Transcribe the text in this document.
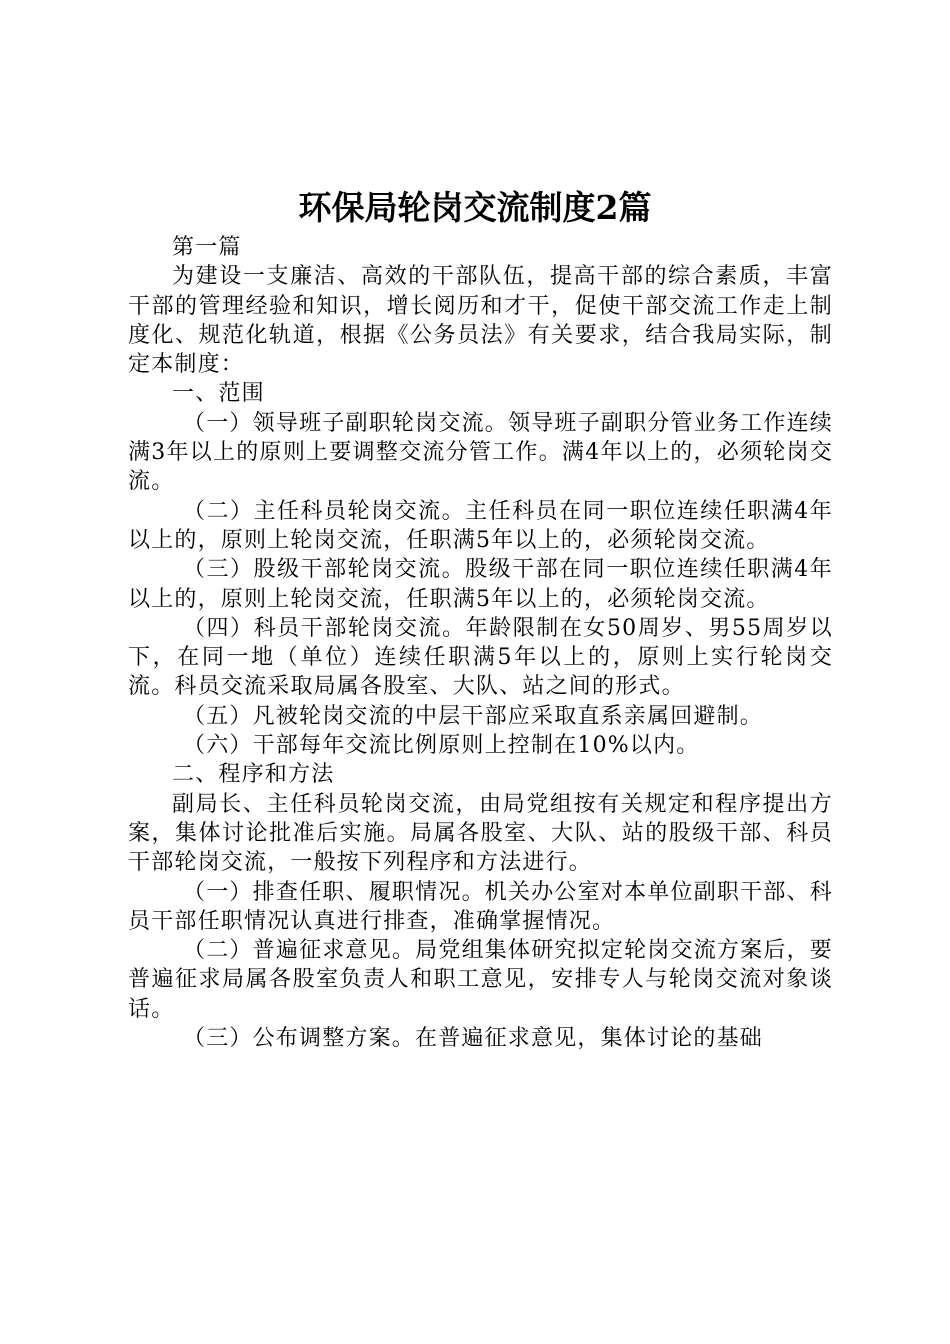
环保局轮岗交流制度2篇

第一篇

为建设一支廉洁、高效的干部队伍，提高干部的综合素质，丰富干部的管理经验和知识，增长阅历和才干，促使干部交流工作走上制度化、规范化轨道，根据《公务员法》有关要求，结合我局实际，制定本制度：

一、范围

（一）领导班子副职轮岗交流。领导班子副职分管业务工作连续满3年以上的原则上要调整交流分管工作。满4年以上的，必须轮岗交流。

（二）主任科员轮岗交流。主任科员在同一职位连续任职满4年以上的，原则上轮岗交流，任职满5年以上的，必须轮岗交流。

（三）股级干部轮岗交流。股级干部在同一职位连续任职满4年以上的，原则上轮岗交流，任职满5年以上的，必须轮岗交流。

（四）科员干部轮岗交流。年龄限制在女50周岁、男55周岁以下，在同一地（单位）连续任职满5年以上的，原则上实行轮岗交流。科员交流采取局属各股室、大队、站之间的形式。

（五）凡被轮岗交流的中层干部应采取直系亲属回避制。

（六）干部每年交流比例原则上控制在10%以内。

二、程序和方法

副局长、主任科员轮岗交流，由局党组按有关规定和程序提出方案，集体讨论批准后实施。局属各股室、大队、站的股级干部、科员干部轮岗交流，一般按下列程序和方法进行。

（一）排查任职、履职情况。机关办公室对本单位副职干部、科员干部任职情况认真进行排查，准确掌握情况。

（二）普遍征求意见。局党组集体研究拟定轮岗交流方案后，要普遍征求局属各股室负责人和职工意见，安排专人与轮岗交流对象谈话。

（三）公布调整方案。在普遍征求意见，集体讨论的基础
